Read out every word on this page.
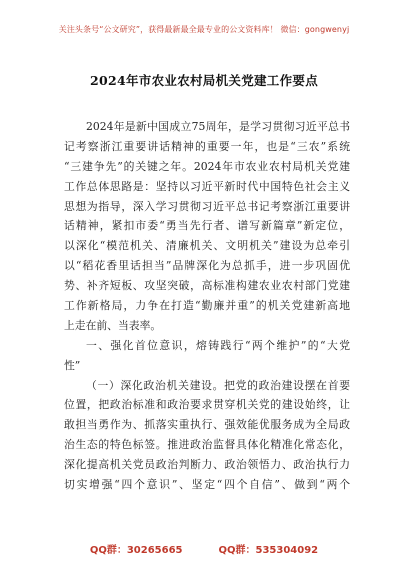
关注头条号“公文研究”，获得最新最全最专业的公文资料库！ 微信：gongwenyj
2024年市农业农村局机关党建工作要点
2024年是新中国成立75周年，是学习贯彻习近平总书
记考察浙江重要讲话精神的重要一年，也是“三农”系统
“三建争先”的关键之年。2024年市农业农村局机关党建
工作总体思路是：坚持以习近平新时代中国特色社会主义
思想为指导，深入学习贯彻习近平总书记考察浙江重要讲
话精神，紧扣市委“勇当先行者、谱写新篇章”新定位，
以深化“模范机关、清廉机关、文明机关”建设为总牵引
以“稻花香里话担当”品牌深化为总抓手，进一步巩固优
势、补齐短板、攻坚突破，高标准构建农业农村部门党建
工作新格局，力争在打造“勤廉并重”的机关党建新高地
上走在前、当表率。
一、强化首位意识，熔铸践行“两个维护”的“大党
性”
（一）深化政治机关建设。把党的政治建设摆在首要
位置，把政治标准和政治要求贯穿机关党的建设始终，让
敢担当勇作为、抓落实重执行、强效能优服务成为全局政
治生态的特色标签。推进政治监督具体化精准化常态化，
深化提高机关党员政治判断力、政治领悟力、政治执行力
切实增强“四个意识”、坚定“四个自信”、做到“两个
QQ群：30265665	QQ群：535304092
